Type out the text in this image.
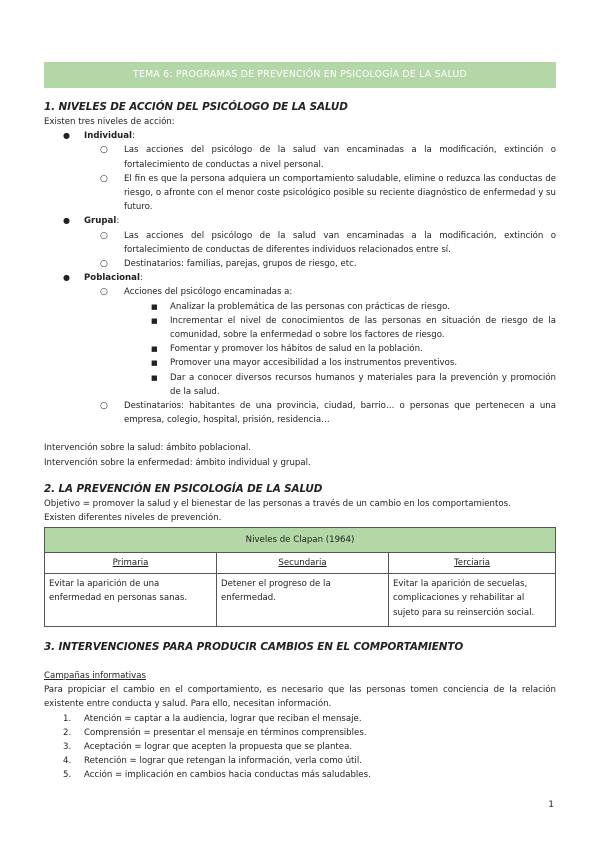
TEMA 6: PROGRAMAS DE PREVENCIÓN EN PSICOLOGÍA DE LA SALUD
1. NIVELES DE ACCIÓN DEL PSICÓLOGO DE LA SALUD

Existen tres niveles de acción:

● Individual:
○ Las acciones del psicólogo de la salud van encaminadas a la modificación, extinción o fortalecimiento de conductas a nivel personal.
○ El fin es que la persona adquiera un comportamiento saludable, elimine o reduzca las conductas de riesgo, o afronte con el menor coste psicológico posible su reciente diagnóstico de enfermedad y su futuro.
● Grupal:
○ Las acciones del psicólogo de la salud van encaminadas a la modificación, extinción o fortalecimiento de conductas de diferentes individuos relacionados entre sí.
○ Destinatarios: familias, parejas, grupos de riesgo, etc.
● Poblacional:
○ Acciones del psicólogo encaminadas a:
■ Analizar la problemática de las personas con prácticas de riesgo.
■ Incrementar el nivel de conocimientos de las personas en situación de riesgo de la comunidad, sobre la enfermedad o sobre los factores de riesgo.
■ Fomentar y promover los hábitos de salud en la población.
■ Promover una mayor accesibilidad a los instrumentos preventivos.
■ Dar a conocer diversos recursos humanos y materiales para la prevención y promoción de la salud.
○ Destinatarios: habitantes de una provincia, ciudad, barrio… o personas que pertenecen a una empresa, colegio, hospital, prisión, residencia…

Intervención sobre la salud: ámbito poblacional.

Intervención sobre la enfermedad: ámbito individual y grupal.

2. LA PREVENCIÓN EN PSICOLOGÍA DE LA SALUD

Objetivo = promover la salud y el bienestar de las personas a través de un cambio en los comportamientos.

Existen diferentes niveles de prevención.

Niveles de Clapan (1964)		
Primaria	Secundaria	Terciaria
Evitar la aparición de una enfermedad en personas sanas.	Detener el progreso de la enfermedad.	Evitar la aparición de secuelas, complicaciones y rehabilitar al sujeto para su reinserción social.
3. INTERVENCIONES PARA PRODUCIR CAMBIOS EN EL COMPORTAMIENTO

Campañas informativas

Para propiciar el cambio en el comportamiento, es necesario que las personas tomen conciencia de la relación existente entre conducta y salud. Para ello, necesitan información.

1. Atención = captar a la audiencia, lograr que reciban el mensaje.
2. Comprensión = presentar el mensaje en términos comprensibles.
3. Aceptación = lograr que acepten la propuesta que se plantea.
4. Retención = lograr que retengan la información, verla como útil.
5. Acción = implicación en cambios hacia conductas más saludables.
1
